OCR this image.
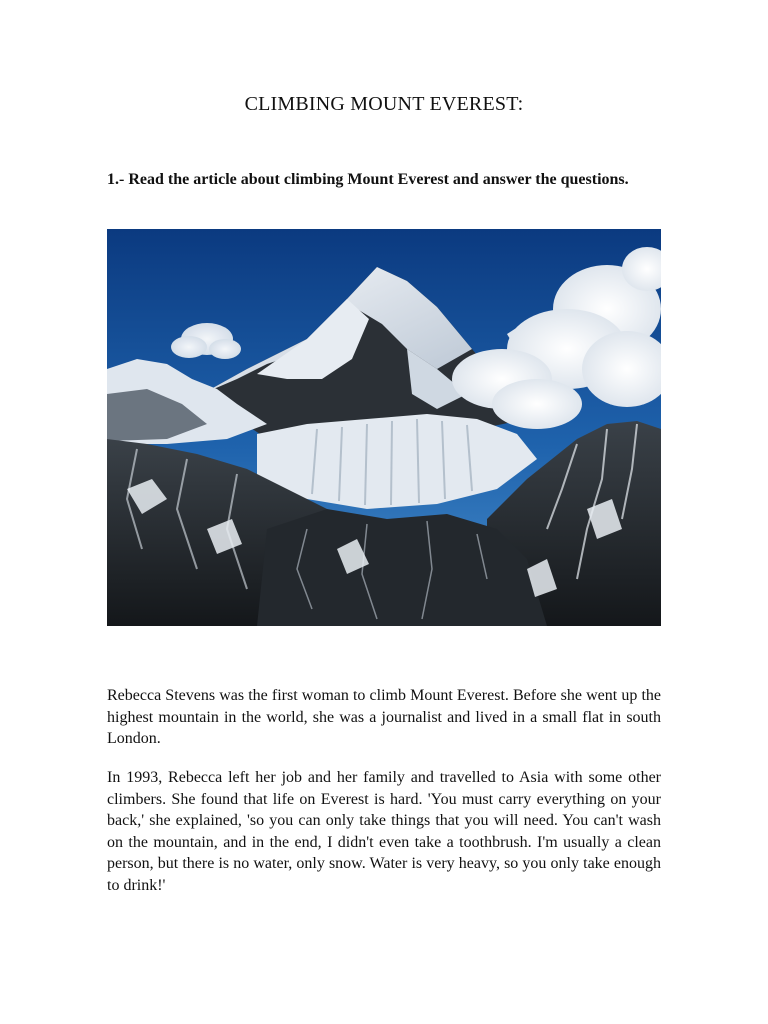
CLIMBING MOUNT EVEREST:

1.- Read the article about climbing Mount Everest and answer the questions.

Rebecca Stevens was the first woman to climb Mount Everest. Before she went up the highest mountain in the world, she was a journalist and lived in a small flat in south London.

In 1993, Rebecca left her job and her family and travelled to Asia with some other climbers. She found that life on Everest is hard. 'You must carry everything on your back,' she explained, 'so you can only take things that you will need. You can't wash on the mountain, and in the end, I didn't even take a toothbrush. I'm usually a clean person, but there is no water, only snow. Water is very heavy, so you only take enough to drink!'
